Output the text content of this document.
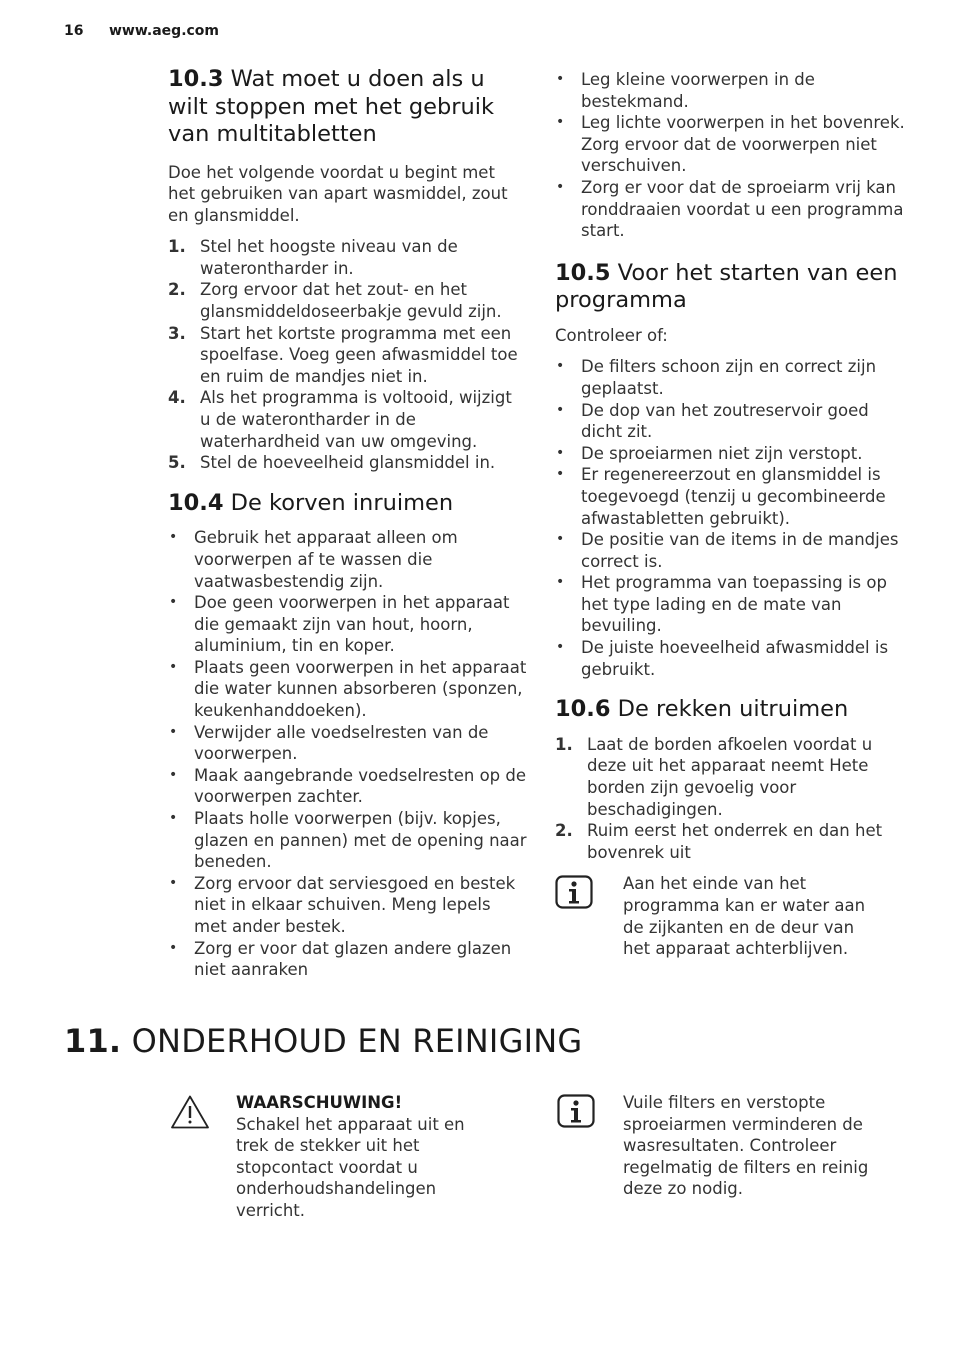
16 www.aeg.com
10.3 Wat moet u doen als u wilt stoppen met het gebruik van multitabletten

Doe het volgende voordat u begint met het gebruiken van apart wasmiddel, zout en glansmiddel.

1. Stel het hoogste niveau van de waterontharder in.
2. Zorg ervoor dat het zout- en het glansmiddeldoseerbakje gevuld zijn.
3. Start het kortste programma met een spoelfase. Voeg geen afwasmiddel toe en ruim de mandjes niet in.
4. Als het programma is voltooid, wijzigt u de waterontharder in de waterhardheid van uw omgeving.
5. Stel de hoeveelheid glansmiddel in.
10.4 De korven inruimen
• Gebruik het apparaat alleen om voorwerpen af te wassen die vaatwasbestendig zijn.
• Doe geen voorwerpen in het apparaat die gemaakt zijn van hout, hoorn, aluminium, tin en koper.
• Plaats geen voorwerpen in het apparaat die water kunnen absorberen (sponzen, keukenhanddoeken).
• Verwijder alle voedselresten van de voorwerpen.
• Maak aangebrande voedselresten op de voorwerpen zachter.
• Plaats holle voorwerpen (bijv. kopjes, glazen en pannen) met de opening naar beneden.
• Zorg ervoor dat serviesgoed en bestek niet in elkaar schuiven. Meng lepels met ander bestek.
• Zorg er voor dat glazen andere glazen niet aanraken
• Leg kleine voorwerpen in de bestekmand.
• Leg lichte voorwerpen in het bovenrek. Zorg ervoor dat de voorwerpen niet verschuiven.
• Zorg er voor dat de sproeiarm vrij kan ronddraaien voordat u een programma start.
10.5 Voor het starten van een programma

Controleer of:

• De filters schoon zijn en correct zijn geplaatst.
• De dop van het zoutreservoir goed dicht zit.
• De sproeiarmen niet zijn verstopt.
• Er regenereerzout en glansmiddel is toegevoegd (tenzij u gecombineerde afwastabletten gebruikt).
• De positie van de items in de mandjes correct is.
• Het programma van toepassing is op het type lading en de mate van bevuiling.
• De juiste hoeveelheid afwasmiddel is gebruikt.
10.6 De rekken uitruimen
1. Laat de borden afkoelen voordat u deze uit het apparaat neemt Hete borden zijn gevoelig voor beschadigingen.
2. Ruim eerst het onderrek en dan het bovenrek uit

Aan het einde van het programma kan er water aan de zijkanten en de deur van het apparaat achterblijven.

11. ONDERHOUD EN REINIGING
WAARSCHUWING!
Schakel het apparaat uit en trek de stekker uit het stopcontact voordat u onderhoudshandelingen verricht.

Vuile filters en verstopte sproeiarmen verminderen de wasresultaten. Controleer regelmatig de filters en reinig deze zo nodig.
